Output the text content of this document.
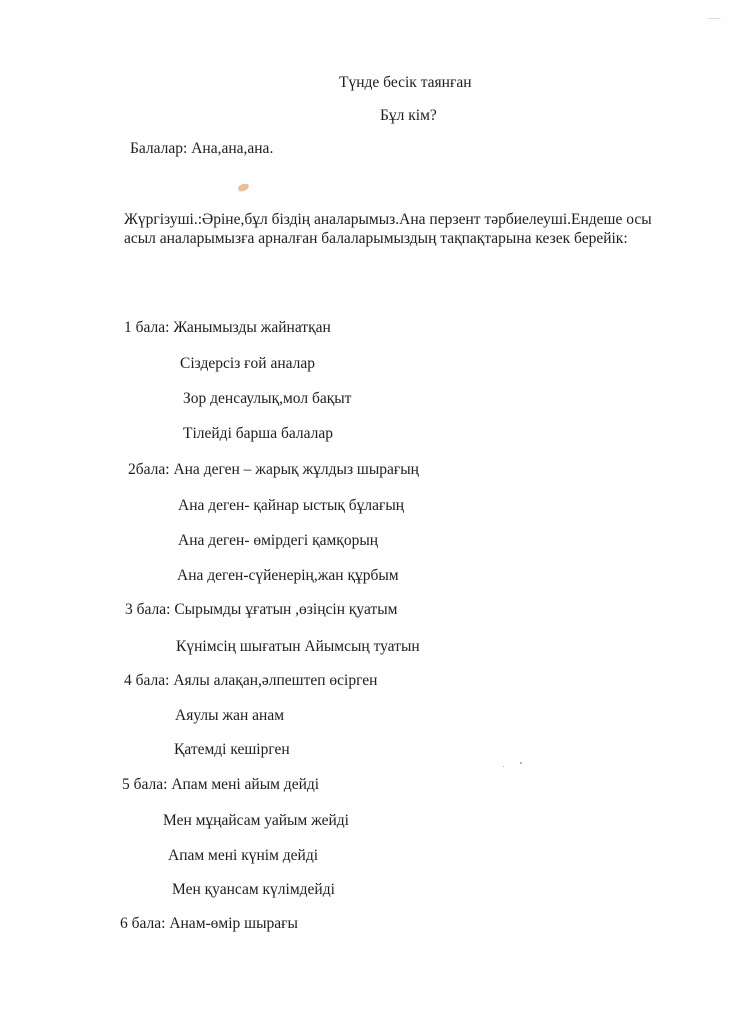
Түнде бесік таянған
Бұл кім?
Балалар: Ана,ана,ана.
Жүргізуші.:Әріне,бұл біздің аналарымыз.Ана перзент тәрбиелеуші.Ендеше осы асыл аналарымызға арналған балаларымыздың тақпақтарына кезек берейік:
1 бала: Жанымызды жайнатқан
Сіздерсіз ғой аналар
Зор денсаулық,мол бақыт
Тілейді барша балалар
2бала: Ана деген – жарық жұлдыз шырағың
Ана деген- қайнар ыстық бұлағың
Ана деген- өмірдегі қамқорың
Ана деген-сүйенерің,жан құрбым
3 бала: Сырымды ұғатын ,өзіңсін қуатым
Күнімсің шығатын Айымсың туатын
4 бала: Аялы алақан,әлпештеп өсірген
Аяулы жан анам
Қатемді кешірген
5 бала: Апам мені айым дейді
Мен мұңайсам уайым жейді
Апам мені күнім дейді
Мен қуансам күлімдейді
6 бала: Анам-өмір шырағы
